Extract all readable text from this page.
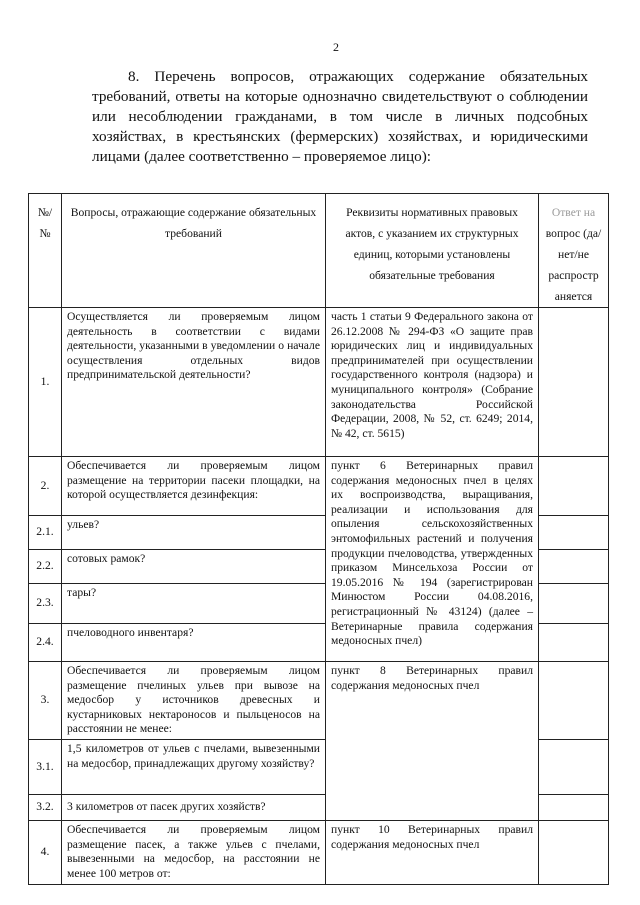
2

8. Перечень вопросов, отражающих содержание обязательных требований, ответы на которые однозначно свидетельствуют о соблюдении или несоблюдении гражданами, в том числе в личных подсобных хозяйствах, в крестьянских (фермерских) хозяйствах, и юридическими лицами (далее соответственно – проверяемое лицо):

№/ №	Вопросы, отражающие содержание обязательных требований	Реквизиты нормативных правовых актов, с указанием их структурных единиц, которыми установлены обязательные требования	Ответ на
вопрос (да/нет/не распростр аняется

1.	Осуществляется ли проверяемым лицом деятельность в соответствии с видами деятельности, указанными в уведомлении о начале осуществления отдельных видов предпринимательской деятельности?	часть 1 статьи 9 Федерального закона от 26.12.2008 № 294-ФЗ «О защите прав юридических лиц и индивидуальных предпринимателей при осуществлении государственного контроля (надзора) и муниципального контроля» (Собрание законодательства Российской Федерации, 2008, № 52, ст. 6249; 2014, № 42, ст. 5615)	
2.	Обеспечивается ли проверяемым лицом размещение на территории пасеки площадки, на которой осуществляется дезинфекция:	пункт 6 Ветеринарных правил содержания медоносных пчел в целях их воспроизводства, выращивания, реализации и использования для опыления сельскохозяйственных энтомофильных растений и получения продукции пчеловодства, утвержденных приказом Минсельхоза России от 19.05.2016 № 194 (зарегистрирован Минюстом России 04.08.2016, регистрационный № 43124) (далее – Ветеринарные правила содержания медоносных пчел)	
2.1.	ульев?		
2.2.	сотовых рамок?		
2.3.	тары?		
2.4.	пчеловодного инвентаря?		
3.	Обеспечивается ли проверяемым лицом размещение пчелиных ульев при вывозе на медосбор у источников древесных и кустарниковых нектароносов и пыльценосов на расстоянии не менее:	пункт 8 Ветеринарных правил содержания медоносных пчел	
3.1.	1,5 километров от ульев с пчелами, вывезенными на медосбор, принадлежащих другому хозяйству?		
3.2.	3 километров от пасек других хозяйств?		
4.	Обеспечивается ли проверяемым лицом размещение пасек, а также ульев с пчелами, вывезенными на медосбор, на расстоянии не менее 100 метров от:	пункт 10 Ветеринарных правил содержания медоносных пчел	
